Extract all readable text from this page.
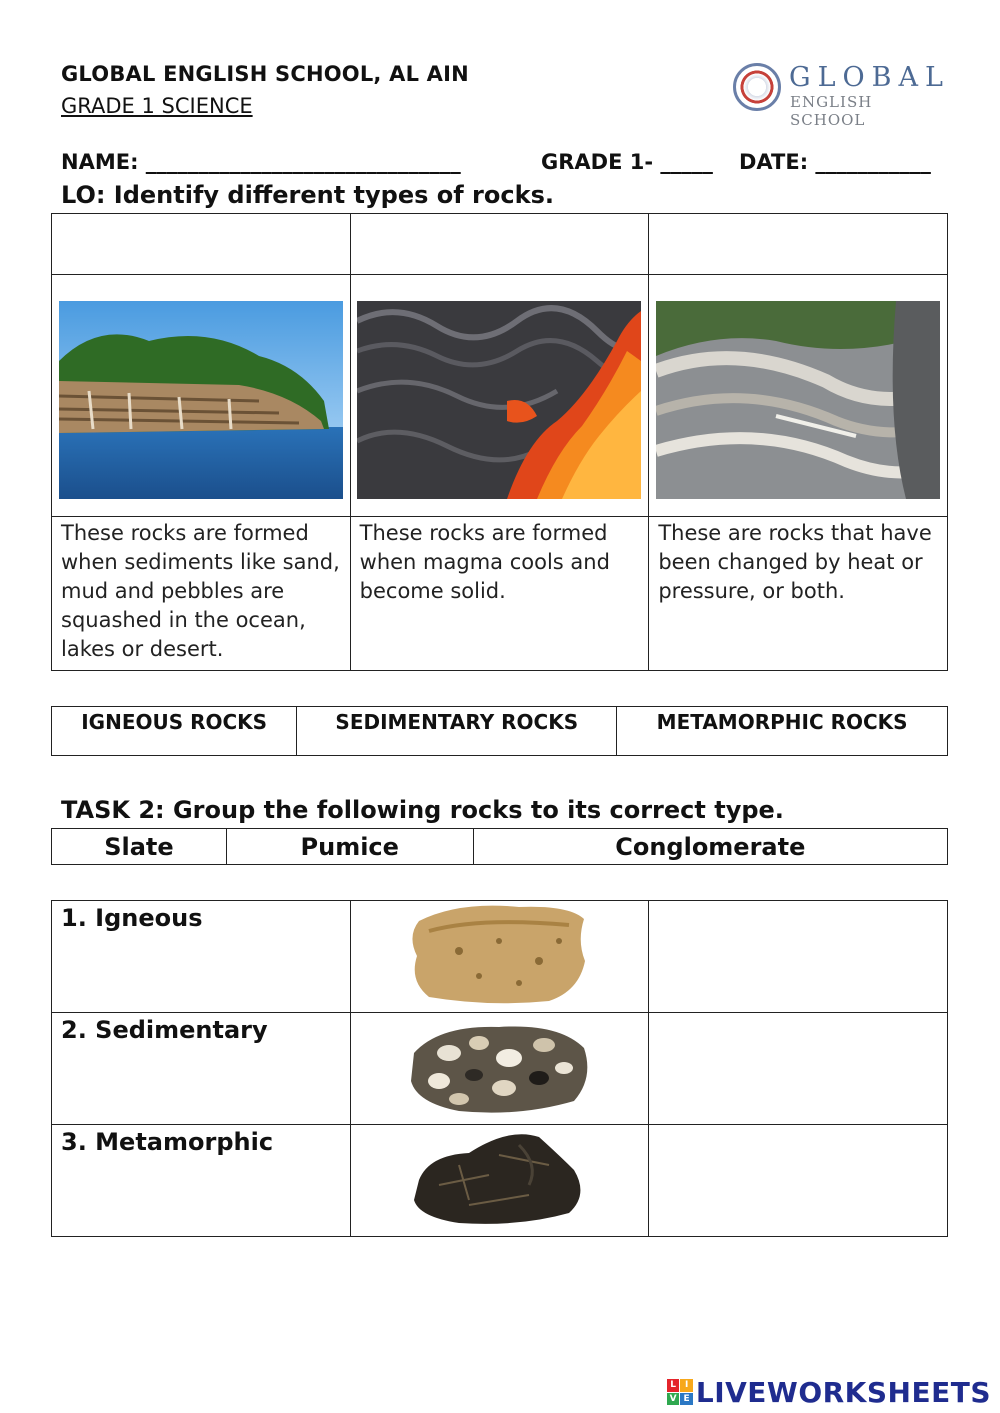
GLOBAL ENGLISH SCHOOL, AL AIN
GRADE 1 SCIENCE
GLOBAL
ENGLISH SCHOOL
NAME: ______________________________	GRADE 1- _____ DATE: ___________
LO: Identify different types of rocks.

These rocks are formed when sediments like sand, mud and pebbles are squashed in the ocean, lakes or desert.	These rocks are formed when magma cools and become solid.	These are rocks that have been changed by heat or pressure, or both.
IGNEOUS ROCKS	SEDIMENTARY ROCKS	METAMORPHIC ROCKS
TASK 2: Group the following rocks to its correct type.
Slate	Pumice	Conglomerate
1. Igneous

2. Sedimentary

3. Metamorphic

L I
V E LIVEWORKSHEETS
